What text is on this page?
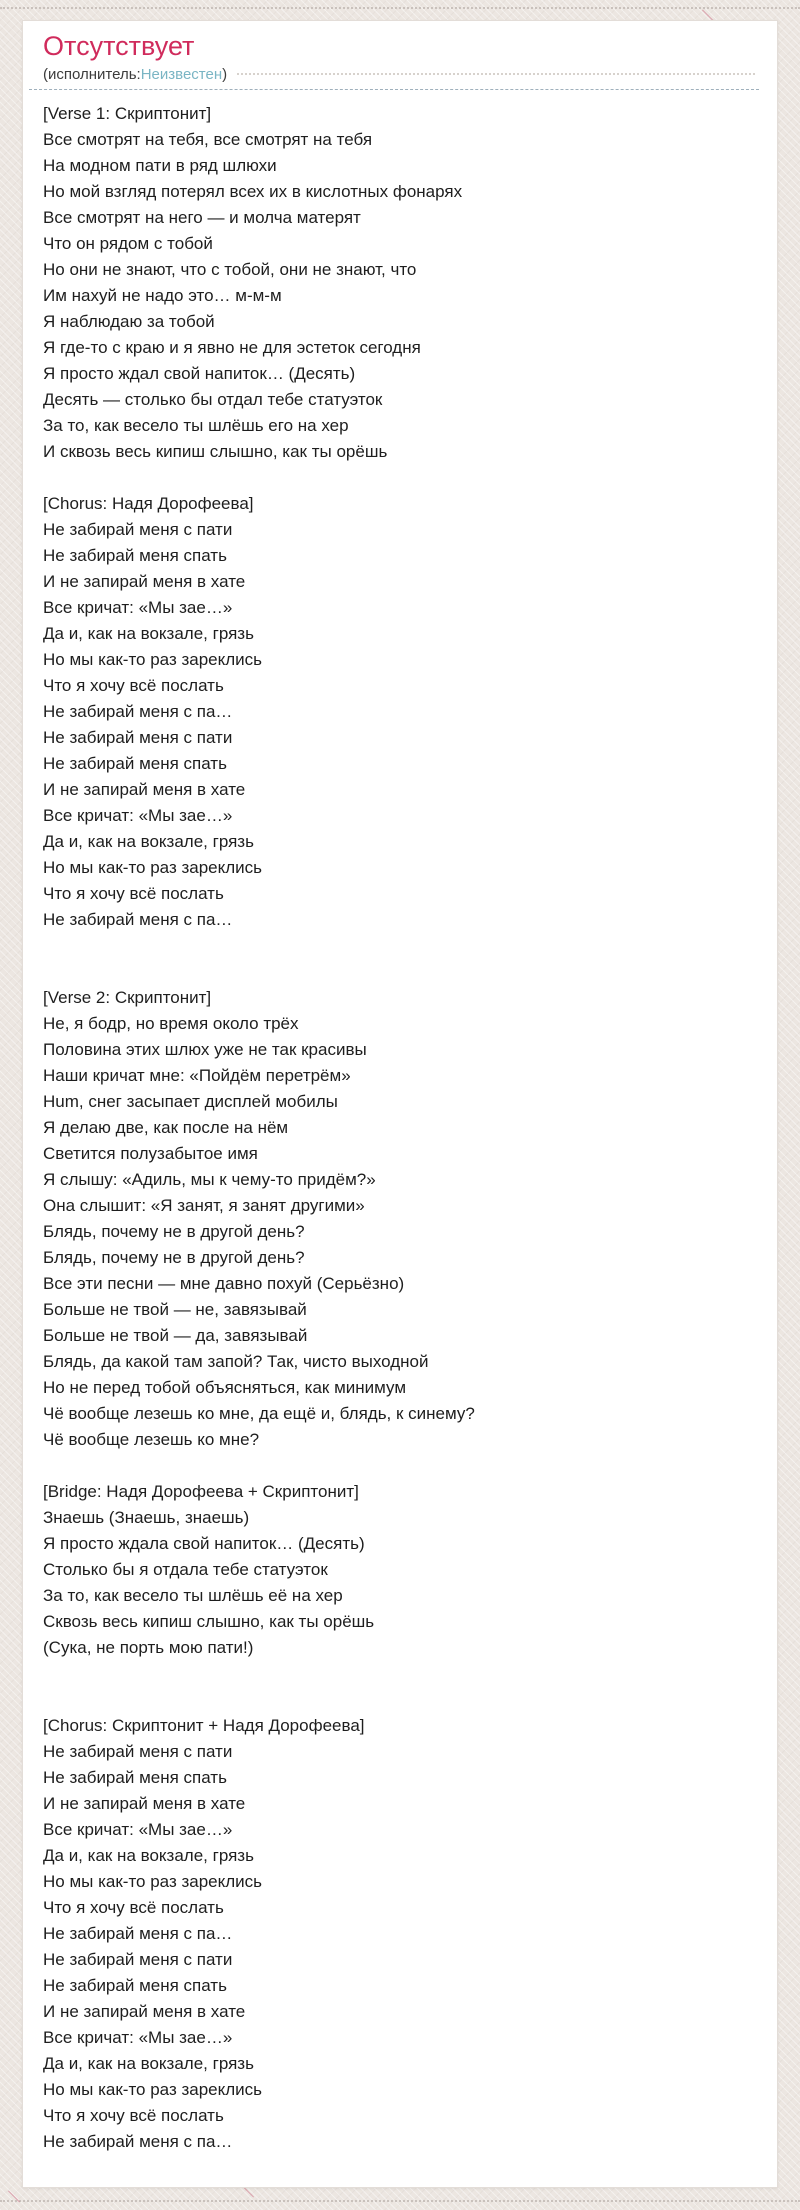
Отсутствует
(исполнитель: Неизвестен )
[Verse 1: Скриптонит]
Все смотрят на тебя, все смотрят на тебя
На модном пати в ряд шлюхи
Но мой взгляд потерял всех их в кислотных фонарях
Все смотрят на него — и молча матерят
Что он рядом с тобой
Но они не знают, что с тобой, они не знают, что
Им нахуй не надо это… м-м-м
Я наблюдаю за тобой
Я где-то с краю и я явно не для эстеток сегодня
Я просто ждал свой напиток… (Десять)
Десять — столько бы отдал тебе статуэток
За то, как весело ты шлёшь его на хер
И сквозь весь кипиш слышно, как ты орёшь
[Chorus: Надя Дорофеева]
Не забирай меня с пати
Не забирай меня спать
И не запирай меня в хате
Все кричат: «Мы зае…»
Да и, как на вокзале, грязь
Но мы как-то раз зареклись
Что я хочу всё послать
Не забирай меня с па…
Не забирай меня с пати
Не забирай меня спать
И не запирай меня в хате
Все кричат: «Мы зае…»
Да и, как на вокзале, грязь
Но мы как-то раз зареклись
Что я хочу всё послать
Не забирай меня с па…
[Verse 2: Скриптонит]
Не, я бодр, но время около трёх
Половина этих шлюх уже не так красивы
Наши кричат мне: «Пойдём перетрём»
Hum, снег засыпает дисплей мобилы
Я делаю две, как после на нём
Светится полузабытое имя
Я слышу: «Адиль, мы к чему-то придём?»
Она слышит: «Я занят, я занят другими»
Блядь, почему не в другой день?
Блядь, почему не в другой день?
Все эти песни — мне давно похуй (Серьёзно)
Больше не твой — не, завязывай
Больше не твой — да, завязывай
Блядь, да какой там запой? Так, чисто выходной
Но не перед тобой объясняться, как минимум
Чё вообще лезешь ко мне, да ещё и, блядь, к синему?
Чё вообще лезешь ко мне?
[Bridge: Надя Дорофеева + Скриптонит]
Знаешь (Знаешь, знаешь)
Я просто ждала свой напиток… (Десять)
Столько бы я отдала тебе статуэток
За то, как весело ты шлёшь её на хер
Сквозь весь кипиш слышно, как ты орёшь
(Сука, не порть мою пати!)
[Chorus: Скриптонит + Надя Дорофеева]
Не забирай меня с пати
Не забирай меня спать
И не запирай меня в хате
Все кричат: «Мы зае…»
Да и, как на вокзале, грязь
Но мы как-то раз зареклись
Что я хочу всё послать
Не забирай меня с па…
Не забирай меня с пати
Не забирай меня спать
И не запирай меня в хате
Все кричат: «Мы зае…»
Да и, как на вокзале, грязь
Но мы как-то раз зареклись
Что я хочу всё послать
Не забирай меня с па…
